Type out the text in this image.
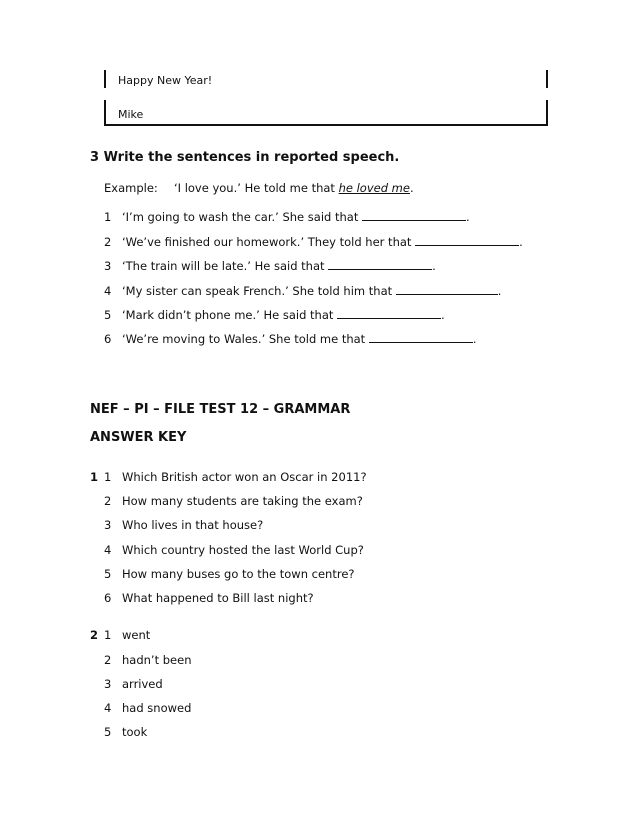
Happy New Year!
Mike
3 Write the sentences in reported speech.
Example: ‘I love you.’ He told me that he loved me.
1 ‘I’m going to wash the car.’ She said that	.
2 ‘We’ve finished our homework.’ They told her that	.
3 ‘The train will be late.’ He said that	.
4 ‘My sister can speak French.’ She told him that	.
5 ‘Mark didn’t phone me.’ He said that	.
6 ‘We’re moving to Wales.’ She told me that	.
NEF – PI – FILE TEST 12 – GRAMMAR
ANSWER KEY
1 1 Which British actor won an Oscar in 2011?
2 How many students are taking the exam?
3 Who lives in that house?
4 Which country hosted the last World Cup?
5 How many buses go to the town centre?
6 What happened to Bill last night?
2 1 went
2 hadn’t been
3 arrived
4 had snowed
5 took
